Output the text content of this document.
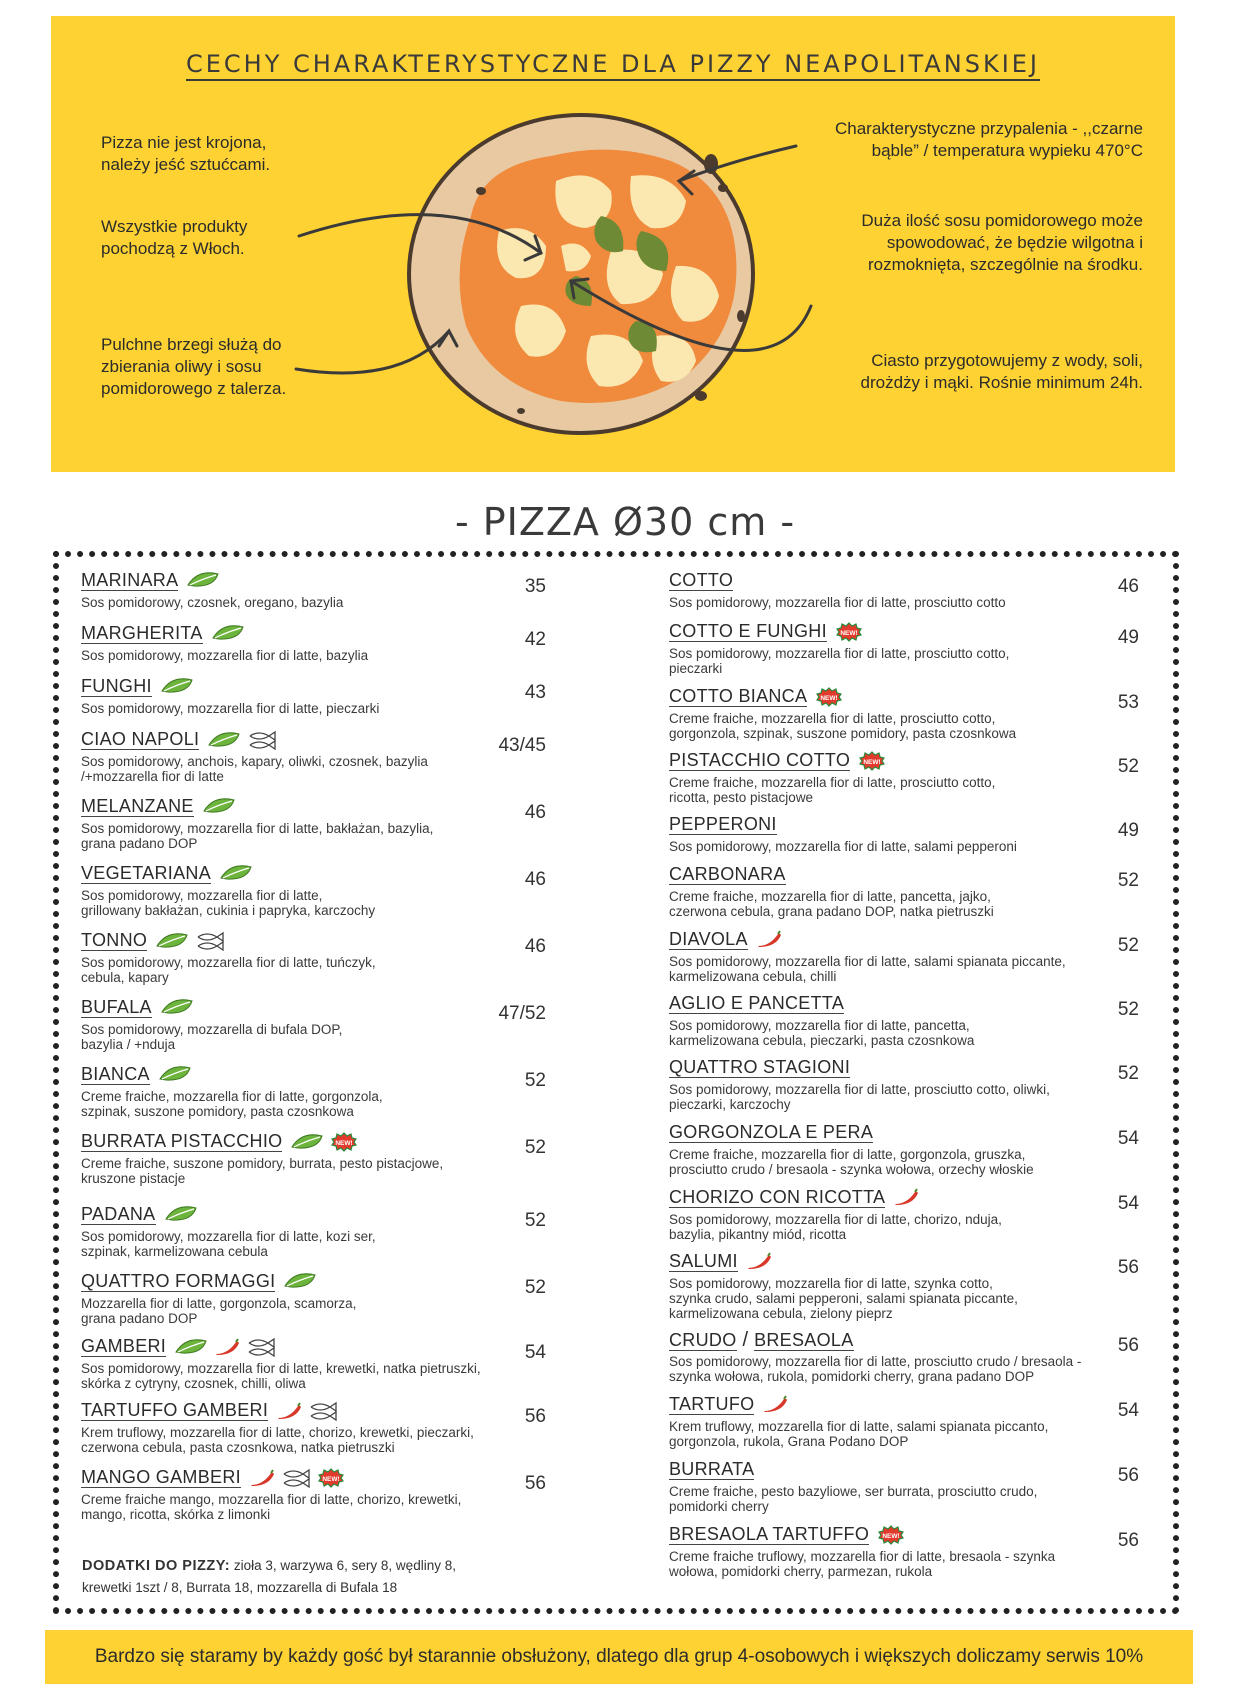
CECHY CHARAKTERYSTYCZNE DLA PIZZY NEAPOLITANSKIEJ
Pizza nie jest krojona,
należy jeść sztućcami.
Wszystkie produkty
pochodzą z Włoch.
Pulchne brzegi służą do
zbierania oliwy i sosu
pomidorowego z talerza.
Charakterystyczne przypalenia - ,,czarne
bąble” / temperatura wypieku 470°C
Duża ilość sosu pomidorowego może
spowodować, że będzie wilgotna i
rozmoknięta, szczególnie na środku.
Ciasto przygotowujemy z wody, soli,
drożdży i mąki. Rośnie minimum 24h.
- PIZZA Ø30 cm -
MARINARA
Sos pomidorowy, czosnek, oregano, bazylia
35
MARGHERITA
Sos pomidorowy, mozzarella fior di latte, bazylia
42
FUNGHI
Sos pomidorowy, mozzarella fior di latte, pieczarki
43
CIAO NAPOLI
Sos pomidorowy, anchois, kapary, oliwki, czosnek, bazylia
/+mozzarella fior di latte
43/45
MELANZANE
Sos pomidorowy, mozzarella fior di latte, bakłażan, bazylia,
grana padano DOP
46
VEGETARIANA
Sos pomidorowy, mozzarella fior di latte,
grillowany bakłażan, cukinia i papryka, karczochy
46
TONNO
Sos pomidorowy, mozzarella fior di latte, tuńczyk,
cebula, kapary
46
BUFALA
Sos pomidorowy, mozzarella di bufala DOP,
bazylia / +nduja
47/52
BIANCA
Creme fraiche, mozzarella fior di latte, gorgonzola,
szpinak, suszone pomidory, pasta czosnkowa
52
BURRATA PISTACCHIO	NEW!
Creme fraiche, suszone pomidory, burrata, pesto pistacjowe,
kruszone pistacje
52
PADANA
Sos pomidorowy, mozzarella fior di latte, kozi ser,
szpinak, karmelizowana cebula
52
QUATTRO FORMAGGI
Mozzarella fior di latte, gorgonzola, scamorza,
grana padano DOP
52
GAMBERI
Sos pomidorowy, mozzarella fior di latte, krewetki, natka pietruszki,
skórka z cytryny, czosnek, chilli, oliwa
54
TARTUFFO GAMBERI
Krem truflowy, mozzarella fior di latte, chorizo, krewetki, pieczarki,
czerwona cebula, pasta czosnkowa, natka pietruszki
56
MANGO GAMBERI	NEW!
Creme fraiche mango, mozzarella fior di latte, chorizo, krewetki,
mango, ricotta, skórka z limonki
56
COTTO
Sos pomidorowy, mozzarella fior di latte, prosciutto cotto
46
COTTO E FUNGHI NEW!
Sos pomidorowy, mozzarella fior di latte, prosciutto cotto,
pieczarki
49
COTTO BIANCA NEW!
Creme fraiche, mozzarella fior di latte, prosciutto cotto,
gorgonzola, szpinak, suszone pomidory, pasta czosnkowa
53
PISTACCHIO COTTO NEW!
Creme fraiche, mozzarella fior di latte, prosciutto cotto,
ricotta, pesto pistacjowe
52
PEPPERONI
Sos pomidorowy, mozzarella fior di latte, salami pepperoni
49
CARBONARA
Creme fraiche, mozzarella fior di latte, pancetta, jajko,
czerwona cebula, grana padano DOP, natka pietruszki
52
DIAVOLA
Sos pomidorowy, mozzarella fior di latte, salami spianata piccante,
karmelizowana cebula, chilli
52
AGLIO E PANCETTA
Sos pomidorowy, mozzarella fior di latte, pancetta,
karmelizowana cebula, pieczarki, pasta czosnkowa
52
QUATTRO STAGIONI
Sos pomidorowy, mozzarella fior di latte, prosciutto cotto, oliwki,
pieczarki, karczochy
52
GORGONZOLA E PERA
Creme fraiche, mozzarella fior di latte, gorgonzola, gruszka,
prosciutto crudo / bresaola - szynka wołowa, orzechy włoskie
54
CHORIZO CON RICOTTA
Sos pomidorowy, mozzarella fior di latte, chorizo, nduja,
bazylia, pikantny miód, ricotta
54
SALUMI
Sos pomidorowy, mozzarella fior di latte, szynka cotto,
szynka crudo, salami pepperoni, salami spianata piccante,
karmelizowana cebula, zielony pieprz
56
CRUDO / BRESAOLA
Sos pomidorowy, mozzarella fior di latte, prosciutto crudo / bresaola -
szynka wołowa, rukola, pomidorki cherry, grana padano DOP
56
TARTUFO
Krem truflowy, mozzarella fior di latte, salami spianata piccanto,
gorgonzola, rukola, Grana Podano DOP
54
BURRATA
Creme fraiche, pesto bazyliowe, ser burrata, prosciutto crudo,
pomidorki cherry
56
BRESAOLA TARTUFFO NEW!
Creme fraiche truflowy, mozzarella fior di latte, bresaola - szynka
wołowa, pomidorki cherry, parmezan, rukola
56
DODATKI DO PIZZY: zioła 3, warzywa 6, sery 8, wędliny 8,
krewetki 1szt / 8, Burrata 18, mozzarella di Bufala 18
Bardzo się staramy by każdy gość był starannie obsłużony, dlatego dla grup 4-osobowych i większych doliczamy serwis 10%
